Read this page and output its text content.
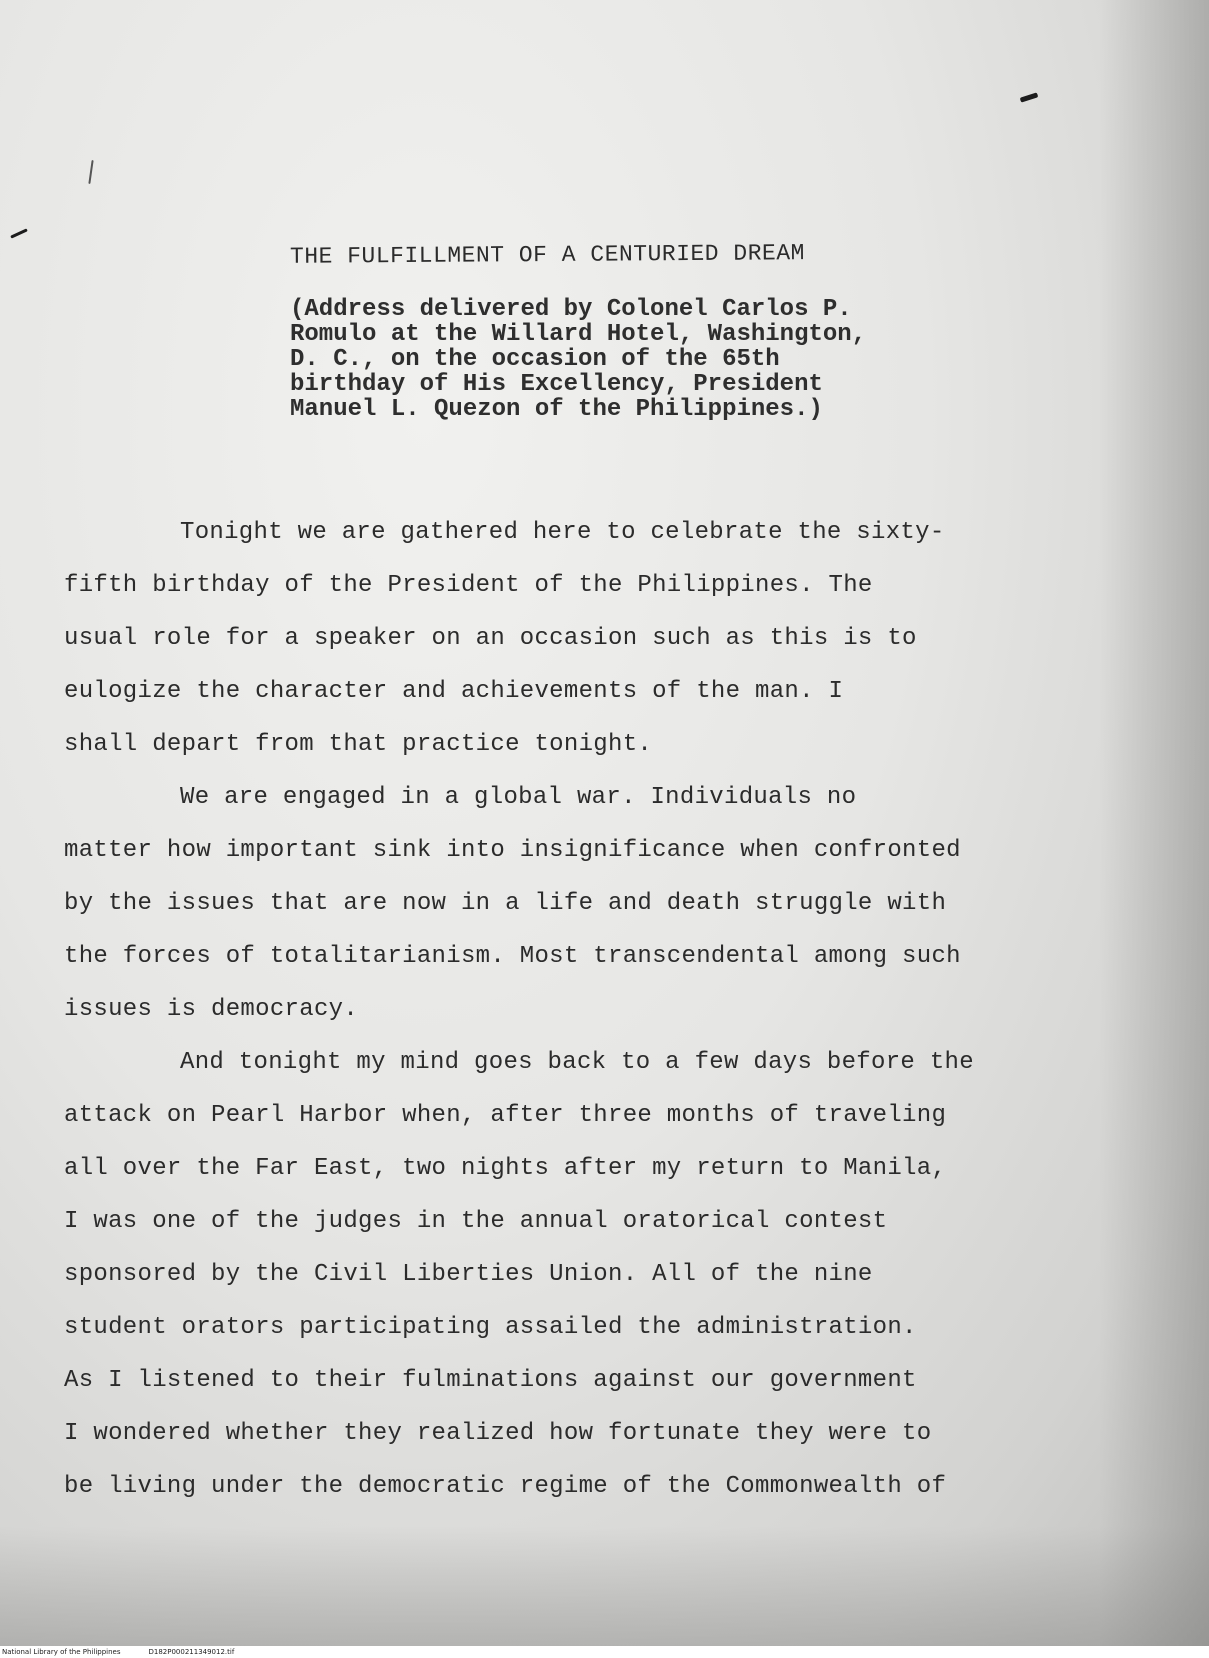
THE FULFILLMENT OF A CENTURIED DREAM
(Address delivered by Colonel Carlos P.
Romulo at the Willard Hotel, Washington,
D. C., on the occasion of the 65th
birthday of His Excellency, President
Manuel L. Quezon of the Philippines.)
Tonight we are gathered here to celebrate the sixty-
fifth birthday of the President of the Philippines. The
usual role for a speaker on an occasion such as this is to
eulogize the character and achievements of the man. I
shall depart from that practice tonight.
We are engaged in a global war. Individuals no
matter how important sink into insignificance when confronted
by the issues that are now in a life and death struggle with
the forces of totalitarianism. Most transcendental among such
issues is democracy.
And tonight my mind goes back to a few days before the
attack on Pearl Harbor when, after three months of traveling
all over the Far East, two nights after my return to Manila,
I was one of the judges in the annual oratorical contest
sponsored by the Civil Liberties Union. All of the nine
student orators participating assailed the administration.
As I listened to their fulminations against our government
I wondered whether they realized how fortunate they were to
be living under the democratic regime of the Commonwealth of
National Library of the Philippines	D182P000211349012.tif
